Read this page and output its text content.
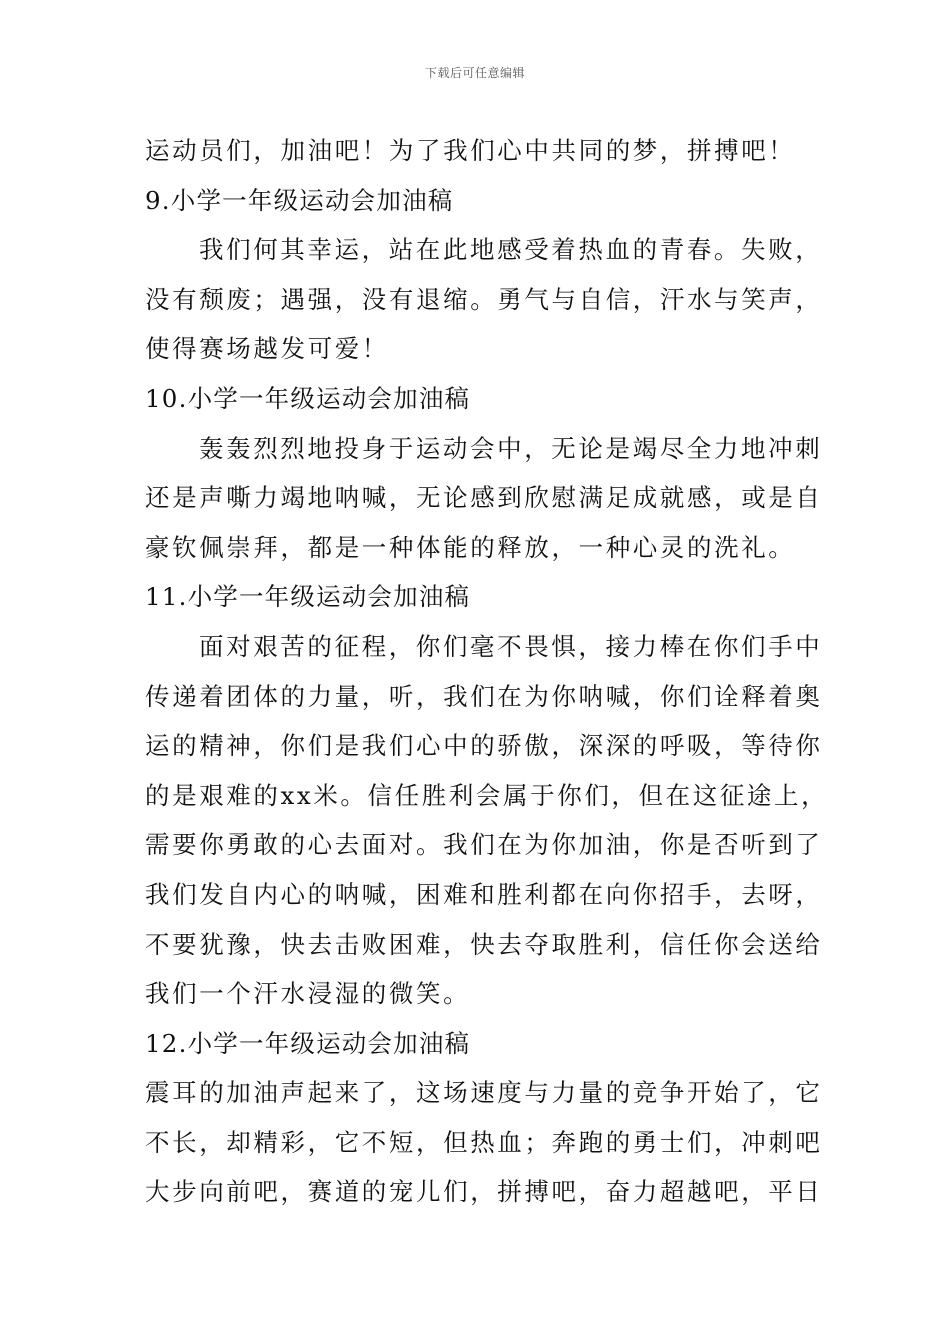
下载后可任意编辑
运动员们，加油吧！为了我们心中共同的梦，拼搏吧！
9.小学一年级运动会加油稿
我们何其幸运，站在此地感受着热血的青春。失败，
没有颓废；遇强，没有退缩。勇气与自信，汗水与笑声，
使得赛场越发可爱！
10.小学一年级运动会加油稿
轰轰烈烈地投身于运动会中，无论是竭尽全力地冲刺
还是声嘶力竭地呐喊，无论感到欣慰满足成就感，或是自
豪钦佩崇拜，都是一种体能的释放，一种心灵的洗礼。
11.小学一年级运动会加油稿
面对艰苦的征程，你们毫不畏惧，接力棒在你们手中
传递着团体的力量，听，我们在为你呐喊，你们诠释着奥
运的精神，你们是我们心中的骄傲，深深的呼吸，等待你
的是艰难的xx米。信任胜利会属于你们，但在这征途上，
需要你勇敢的心去面对。我们在为你加油，你是否听到了
我们发自内心的呐喊，困难和胜利都在向你招手，去呀，
不要犹豫，快去击败困难，快去夺取胜利，信任你会送给
我们一个汗水浸湿的微笑。
12.小学一年级运动会加油稿
震耳的加油声起来了，这场速度与力量的竞争开始了，它
不长，却精彩，它不短，但热血；奔跑的勇士们，冲刺吧
大步向前吧，赛道的宠儿们，拼搏吧，奋力超越吧，平日
